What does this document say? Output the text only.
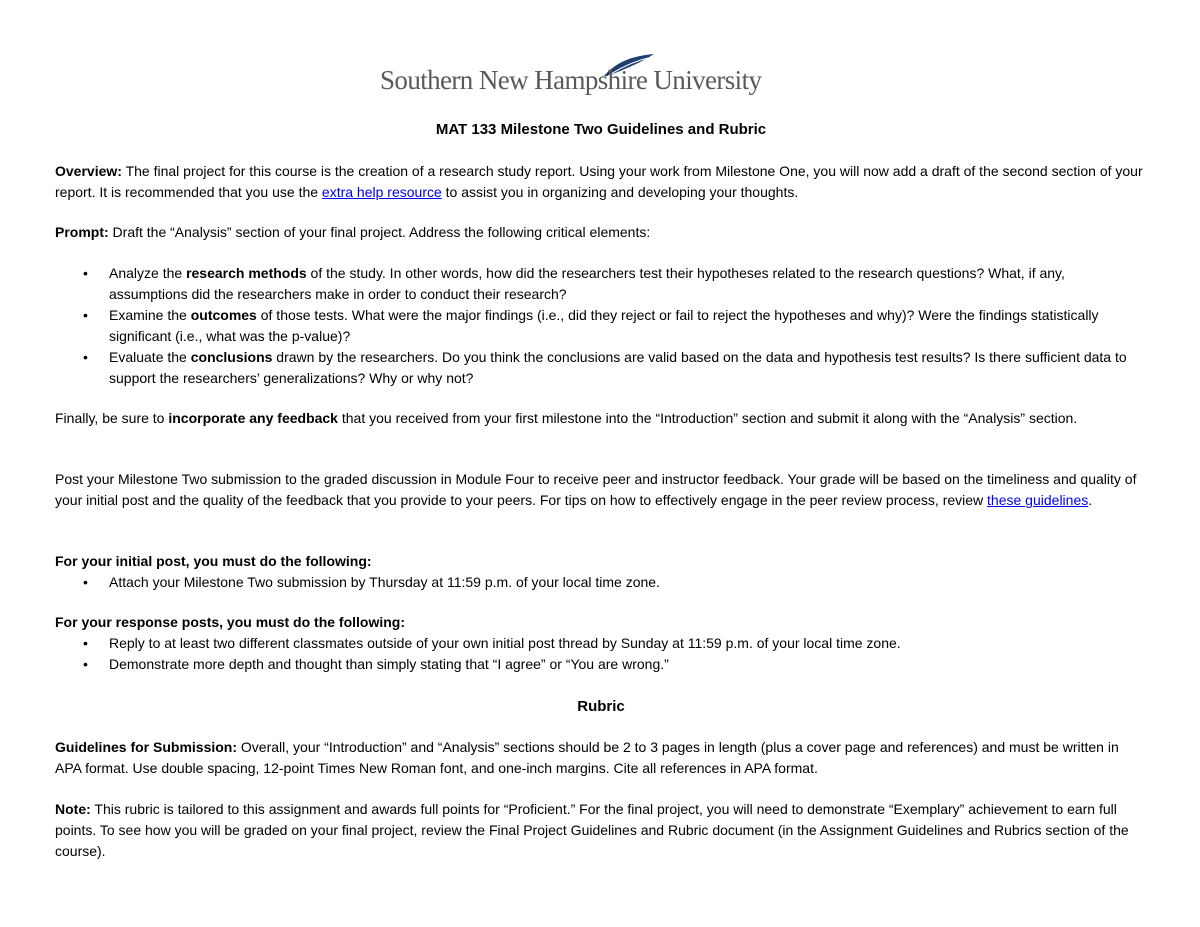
Southern New Hampshire University
MAT 133 Milestone Two Guidelines and Rubric
Overview: The final project for this course is the creation of a research study report. Using your work from Milestone One, you will now add a draft of the second section of your report. It is recommended that you use the extra help resource to assist you in organizing and developing your thoughts.
Prompt: Draft the “Analysis” section of your final project. Address the following critical elements:
• Analyze the research methods of the study. In other words, how did the researchers test their hypotheses related to the research questions? What, if any, assumptions did the researchers make in order to conduct their research?
• Examine the outcomes of those tests. What were the major findings (i.e., did they reject or fail to reject the hypotheses and why)? Were the findings statistically significant (i.e., what was the p-value)?
• Evaluate the conclusions drawn by the researchers. Do you think the conclusions are valid based on the data and hypothesis test results? Is there sufficient data to support the researchers’ generalizations? Why or why not?
Finally, be sure to incorporate any feedback that you received from your first milestone into the “Introduction” section and submit it along with the “Analysis” section.
Post your Milestone Two submission to the graded discussion in Module Four to receive peer and instructor feedback. Your grade will be based on the timeliness and quality of your initial post and the quality of the feedback that you provide to your peers. For tips on how to effectively engage in the peer review process, review these guidelines.
For your initial post, you must do the following:
• Attach your Milestone Two submission by Thursday at 11:59 p.m. of your local time zone.
For your response posts, you must do the following:
• Reply to at least two different classmates outside of your own initial post thread by Sunday at 11:59 p.m. of your local time zone.
• Demonstrate more depth and thought than simply stating that “I agree” or “You are wrong.”
Rubric
Guidelines for Submission: Overall, your “Introduction” and “Analysis” sections should be 2 to 3 pages in length (plus a cover page and references) and must be written in APA format. Use double spacing, 12-point Times New Roman font, and one-inch margins. Cite all references in APA format.
Note: This rubric is tailored to this assignment and awards full points for “Proficient.” For the final project, you will need to demonstrate “Exemplary” achievement to earn full points. To see how you will be graded on your final project, review the Final Project Guidelines and Rubric document (in the Assignment Guidelines and Rubrics section of the course).
